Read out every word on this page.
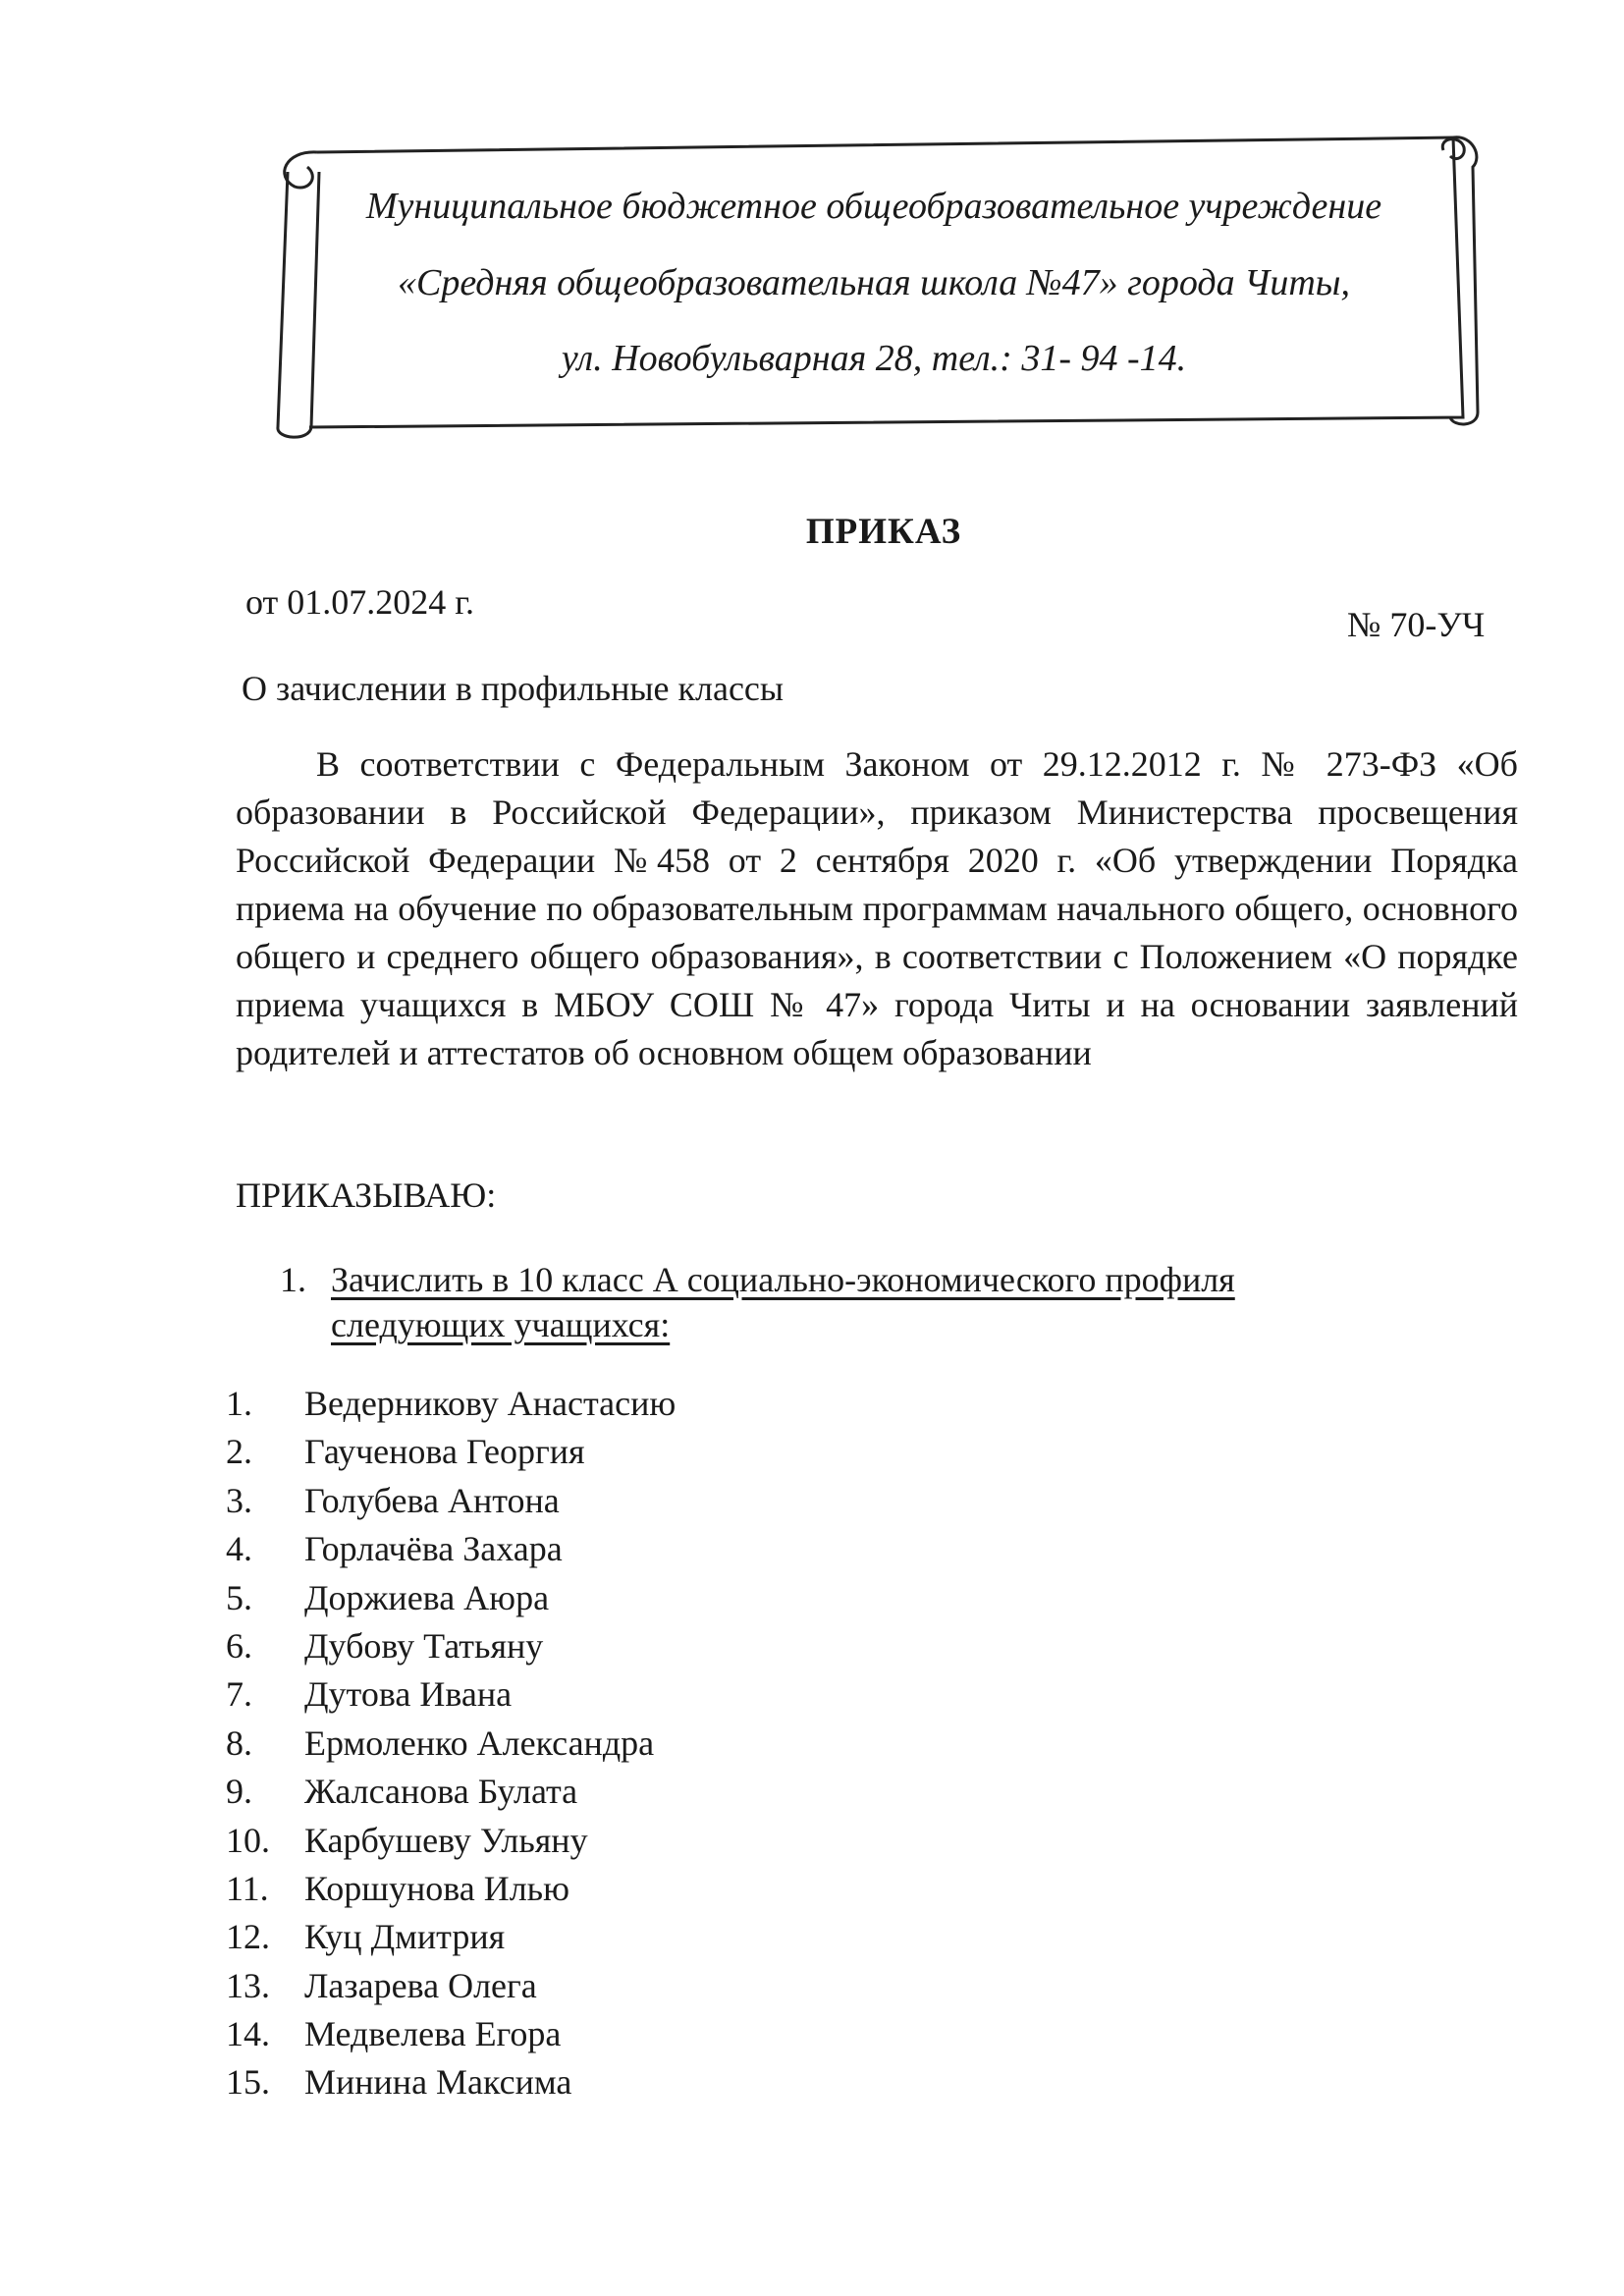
Муниципальное бюджетное общеобразовательное учреждение
«Средняя общеобразовательная школа №47» города Читы,
ул. Новобульварная 28, тел.: 31- 94 -14.
ПРИКАЗ
от 01.07.2024 г.
№ 70-УЧ
О зачислении в профильные классы

В соответствии с Федеральным Законом от 29.12.2012 г. № 273-ФЗ «Об образовании в Российской Федерации», приказом Министерства просвещения Российской Федерации №458 от 2 сентября 2020 г. «Об утверждении Порядка приема на обучение по образовательным программам начального общего, основного общего и среднего общего образования», в соответствии с Положением «О порядке приема учащихся в МБОУ СОШ № 47» города Читы и на основании заявлений родителей и аттестатов об основном общем образовании

ПРИКАЗЫВАЮ:
1. Зачислить в 10 класс А социально-экономического профиля следующих учащихся:
1.	Ведерникову Анастасию
2.	Гаученова Георгия
3.	Голубева Антона
4.	Горлачёва Захара
5.	Доржиева Аюра
6.	Дубову Татьяну
7.	Дутова Ивана
8.	Ермоленко Александра
9.	Жалсанова Булата
10. Карбушеву Ульяну
11.	Коршунова Илью
12. Куц Дмитрия
13. Лазарева Олега
14. Медвелева Егора
15. Минина Максима
